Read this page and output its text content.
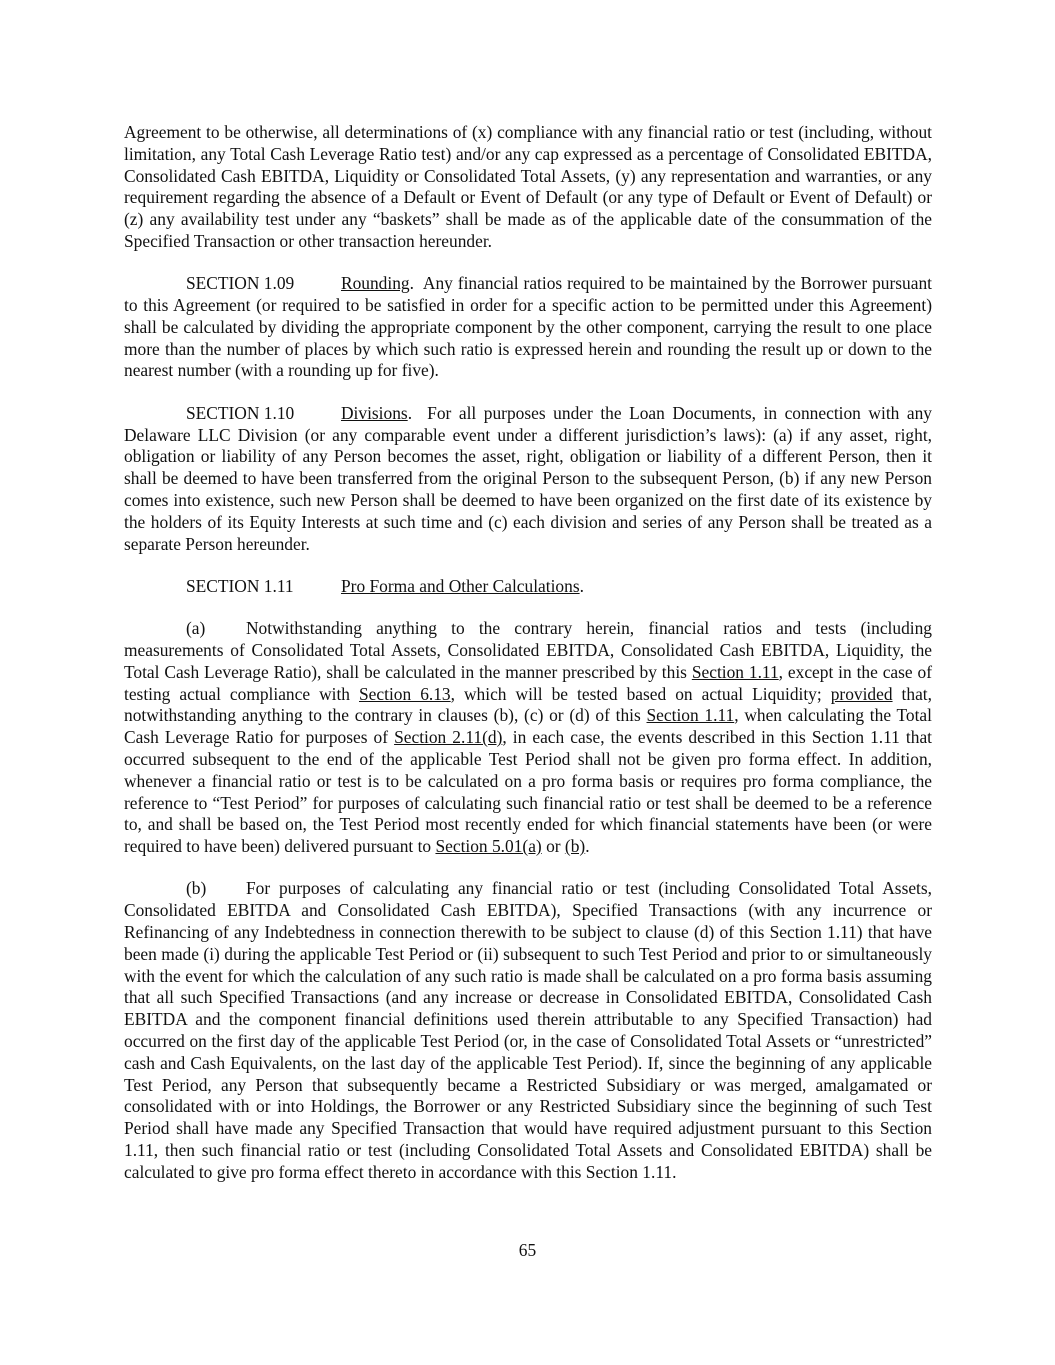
Agreement to be otherwise, all determinations of (x) compliance with any financial ratio or test (including, without limitation, any Total Cash Leverage Ratio test) and/or any cap expressed as a percentage of Consolidated EBITDA, Consolidated Cash EBITDA, Liquidity or Consolidated Total Assets, (y) any representation and warranties, or any requirement regarding the absence of a Default or Event of Default (or any type of Default or Event of Default) or (z) any availability test under any “baskets” shall be made as of the applicable date of the consummation of the Specified Transaction or other transaction hereunder.

SECTION 1.09	Rounding. Any financial ratios required to be maintained by the Borrower pursuant to this Agreement (or required to be satisfied in order for a specific action to be permitted under this Agreement) shall be calculated by dividing the appropriate component by the other component, carrying the result to one place more than the number of places by which such ratio is expressed herein and rounding the result up or down to the nearest number (with a rounding up for five).

SECTION 1.10	Divisions. For all purposes under the Loan Documents, in connection with any Delaware LLC Division (or any comparable event under a different jurisdiction’s laws): (a) if any asset, right, obligation or liability of any Person becomes the asset, right, obligation or liability of a different Person, then it shall be deemed to have been transferred from the original Person to the subsequent Person, (b) if any new Person comes into existence, such new Person shall be deemed to have been organized on the first date of its existence by the holders of its Equity Interests at such time and (c) each division and series of any Person shall be treated as a separate Person hereunder.

SECTION 1.11	Pro Forma and Other Calculations.

(a) Notwithstanding anything to the contrary herein, financial ratios and tests (including measurements of Consolidated Total Assets, Consolidated EBITDA, Consolidated Cash EBITDA, Liquidity, the Total Cash Leverage Ratio), shall be calculated in the manner prescribed by this Section 1.11, except in the case of testing actual compliance with Section 6.13, which will be tested based on actual Liquidity; provided that, notwithstanding anything to the contrary in clauses (b), (c) or (d) of this Section 1.11, when calculating the Total Cash Leverage Ratio for purposes of Section 2.11(d), in each case, the events described in this Section 1.11 that occurred subsequent to the end of the applicable Test Period shall not be given pro forma effect. In addition, whenever a financial ratio or test is to be calculated on a pro forma basis or requires pro forma compliance, the reference to “Test Period” for purposes of calculating such financial ratio or test shall be deemed to be a reference to, and shall be based on, the Test Period most recently ended for which financial statements have been (or were required to have been) delivered pursuant to Section 5.01(a) or (b).

(b) For purposes of calculating any financial ratio or test (including Consolidated Total Assets, Consolidated EBITDA and Consolidated Cash EBITDA), Specified Transactions (with any incurrence or Refinancing of any Indebtedness in connection therewith to be subject to clause (d) of this Section 1.11) that have been made (i) during the applicable Test Period or (ii) subsequent to such Test Period and prior to or simultaneously with the event for which the calculation of any such ratio is made shall be calculated on a pro forma basis assuming that all such Specified Transactions (and any increase or decrease in Consolidated EBITDA, Consolidated Cash EBITDA and the component financial definitions used therein attributable to any Specified Transaction) had occurred on the first day of the applicable Test Period (or, in the case of Consolidated Total Assets or “unrestricted” cash and Cash Equivalents, on the last day of the applicable Test Period). If, since the beginning of any applicable Test Period, any Person that subsequently became a Restricted Subsidiary or was merged, amalgamated or consolidated with or into Holdings, the Borrower or any Restricted Subsidiary since the beginning of such Test Period shall have made any Specified Transaction that would have required adjustment pursuant to this Section 1.11, then such financial ratio or test (including Consolidated Total Assets and Consolidated EBITDA) shall be calculated to give pro forma effect thereto in accordance with this Section 1.11.

65
